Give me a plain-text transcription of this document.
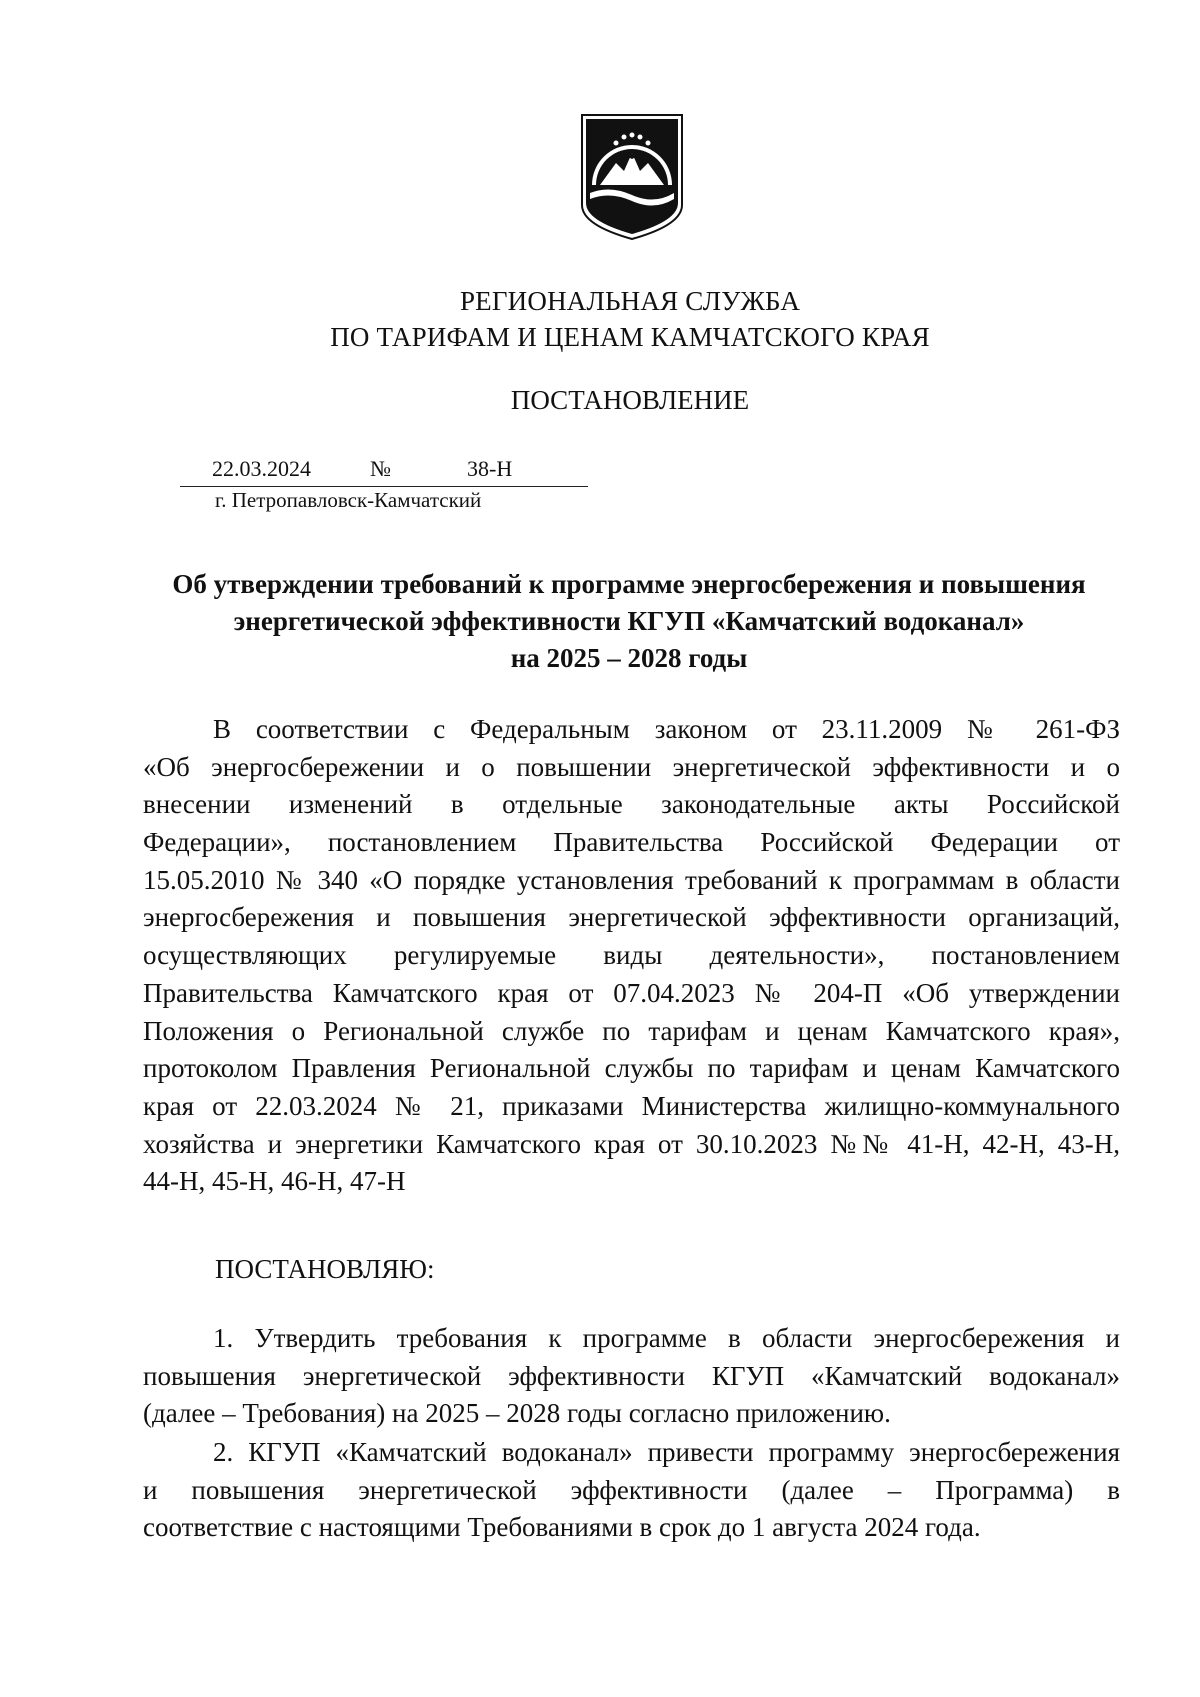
РЕГИОНАЛЬНАЯ СЛУЖБА
ПО ТАРИФАМ И ЦЕНАМ КАМЧАТСКОГО КРАЯ
ПОСТАНОВЛЕНИЕ
22.03.2024	№	38-Н
г. Петропавловск-Камчатский
Об утверждении требований к программе энергосбережения и повышения
энергетической эффективности КГУП «Камчатский водоканал»
на 2025 – 2028 годы
В соответствии с Федеральным законом от 23.11.2009 № 261-ФЗ
«Об энергосбережении и о повышении энергетической эффективности и о
внесении изменений в отдельные законодательные акты Российской
Федерации», постановлением Правительства Российской Федерации от
15.05.2010 № 340 «О порядке установления требований к программам в области
энергосбережения и повышения энергетической эффективности организаций,
осуществляющих регулируемые виды деятельности», постановлением
Правительства Камчатского края от 07.04.2023 № 204-П «Об утверждении
Положения о Региональной службе по тарифам и ценам Камчатского края»,
протоколом Правления Региональной службы по тарифам и ценам Камчатского
края от 22.03.2024 № 21, приказами Министерства жилищно-коммунального
хозяйства и энергетики Камчатского края от 30.10.2023 №№ 41-Н, 42-Н, 43-Н,
44-Н, 45-Н, 46-Н, 47-Н
ПОСТАНОВЛЯЮ:
1. Утвердить требования к программе в области энергосбережения и
повышения энергетической эффективности КГУП «Камчатский водоканал»
(далее – Требования) на 2025 – 2028 годы согласно приложению.
2. КГУП «Камчатский водоканал» привести программу энергосбережения
и повышения энергетической эффективности (далее – Программа) в
соответствие с настоящими Требованиями в срок до 1 августа 2024 года.
